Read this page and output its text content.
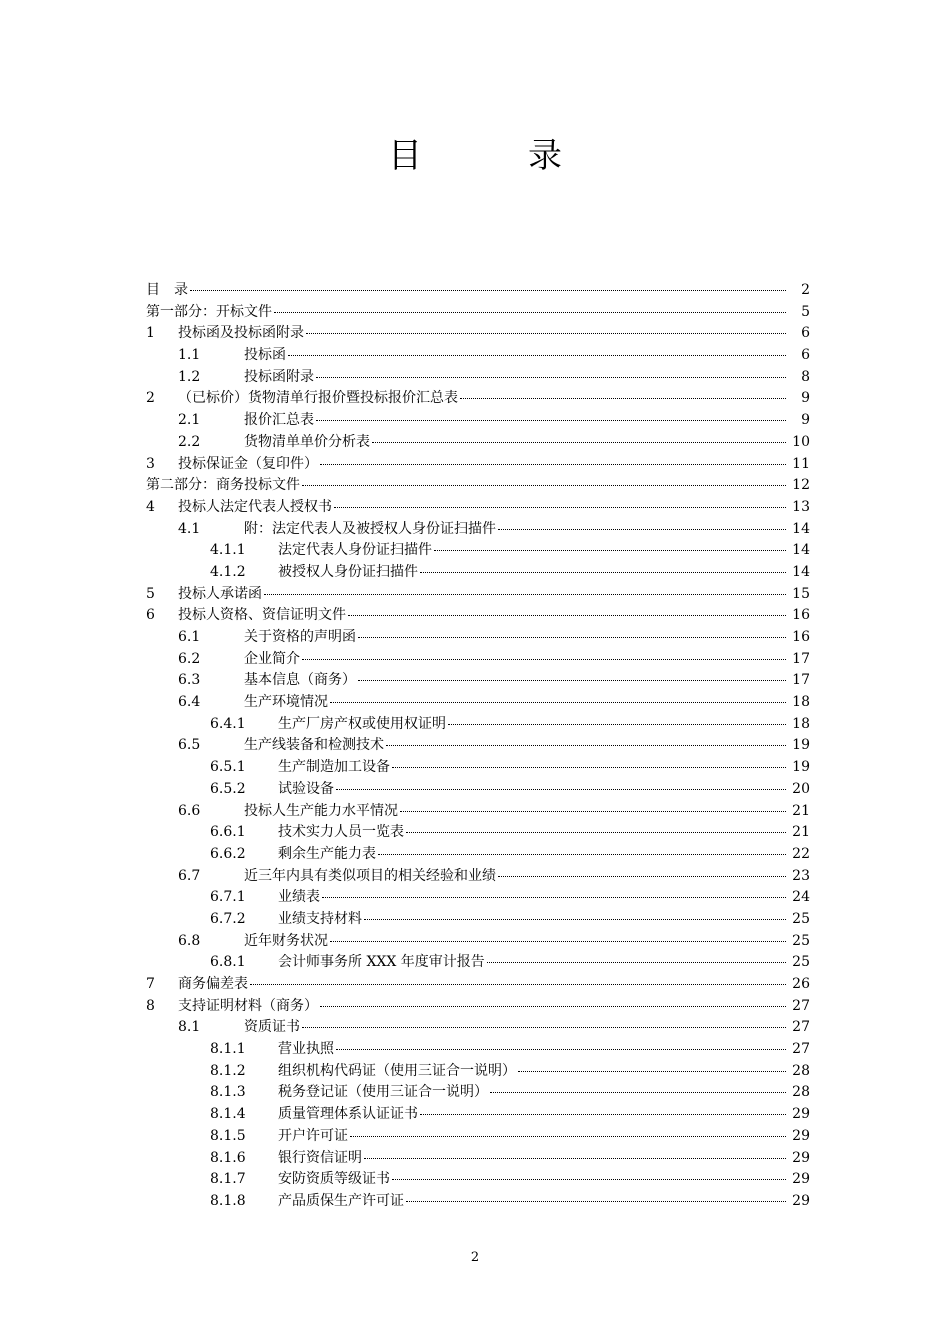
目　录
目　录	2
第一部分：开标文件	5
1	投标函及投标函附录	6
1.1	投标函	6
1.2	投标函附录	8
2	（已标价）货物清单行报价暨投标报价汇总表	9
2.1	报价汇总表	9
2.2	货物清单单价分析表	10
3	投标保证金（复印件）	11
第二部分：商务投标文件	12
4	投标人法定代表人授权书	13
4.1	附：法定代表人及被授权人身份证扫描件	14
4.1.1	法定代表人身份证扫描件	14
4.1.2	被授权人身份证扫描件	14
5	投标人承诺函	15
6	投标人资格、资信证明文件	16
6.1	关于资格的声明函	16
6.2	企业简介	17
6.3	基本信息（商务）	17
6.4	生产环境情况	18
6.4.1	生产厂房产权或使用权证明	18
6.5	生产线装备和检测技术	19
6.5.1	生产制造加工设备	19
6.5.2	试验设备	20
6.6	投标人生产能力水平情况	21
6.6.1	技术实力人员一览表	21
6.6.2	剩余生产能力表	22
6.7	近三年内具有类似项目的相关经验和业绩	23
6.7.1	业绩表	24
6.7.2	业绩支持材料	25
6.8	近年财务状况	25
6.8.1	会计师事务所 XXX 年度审计报告	25
7	商务偏差表	26
8	支持证明材料（商务）	27
8.1	资质证书	27
8.1.1	营业执照	27
8.1.2	组织机构代码证（使用三证合一说明）	28
8.1.3	税务登记证（使用三证合一说明）	28
8.1.4	质量管理体系认证证书	29
8.1.5	开户许可证	29
8.1.6	银行资信证明	29
8.1.7	安防资质等级证书	29
8.1.8	产品质保生产许可证	29
2
